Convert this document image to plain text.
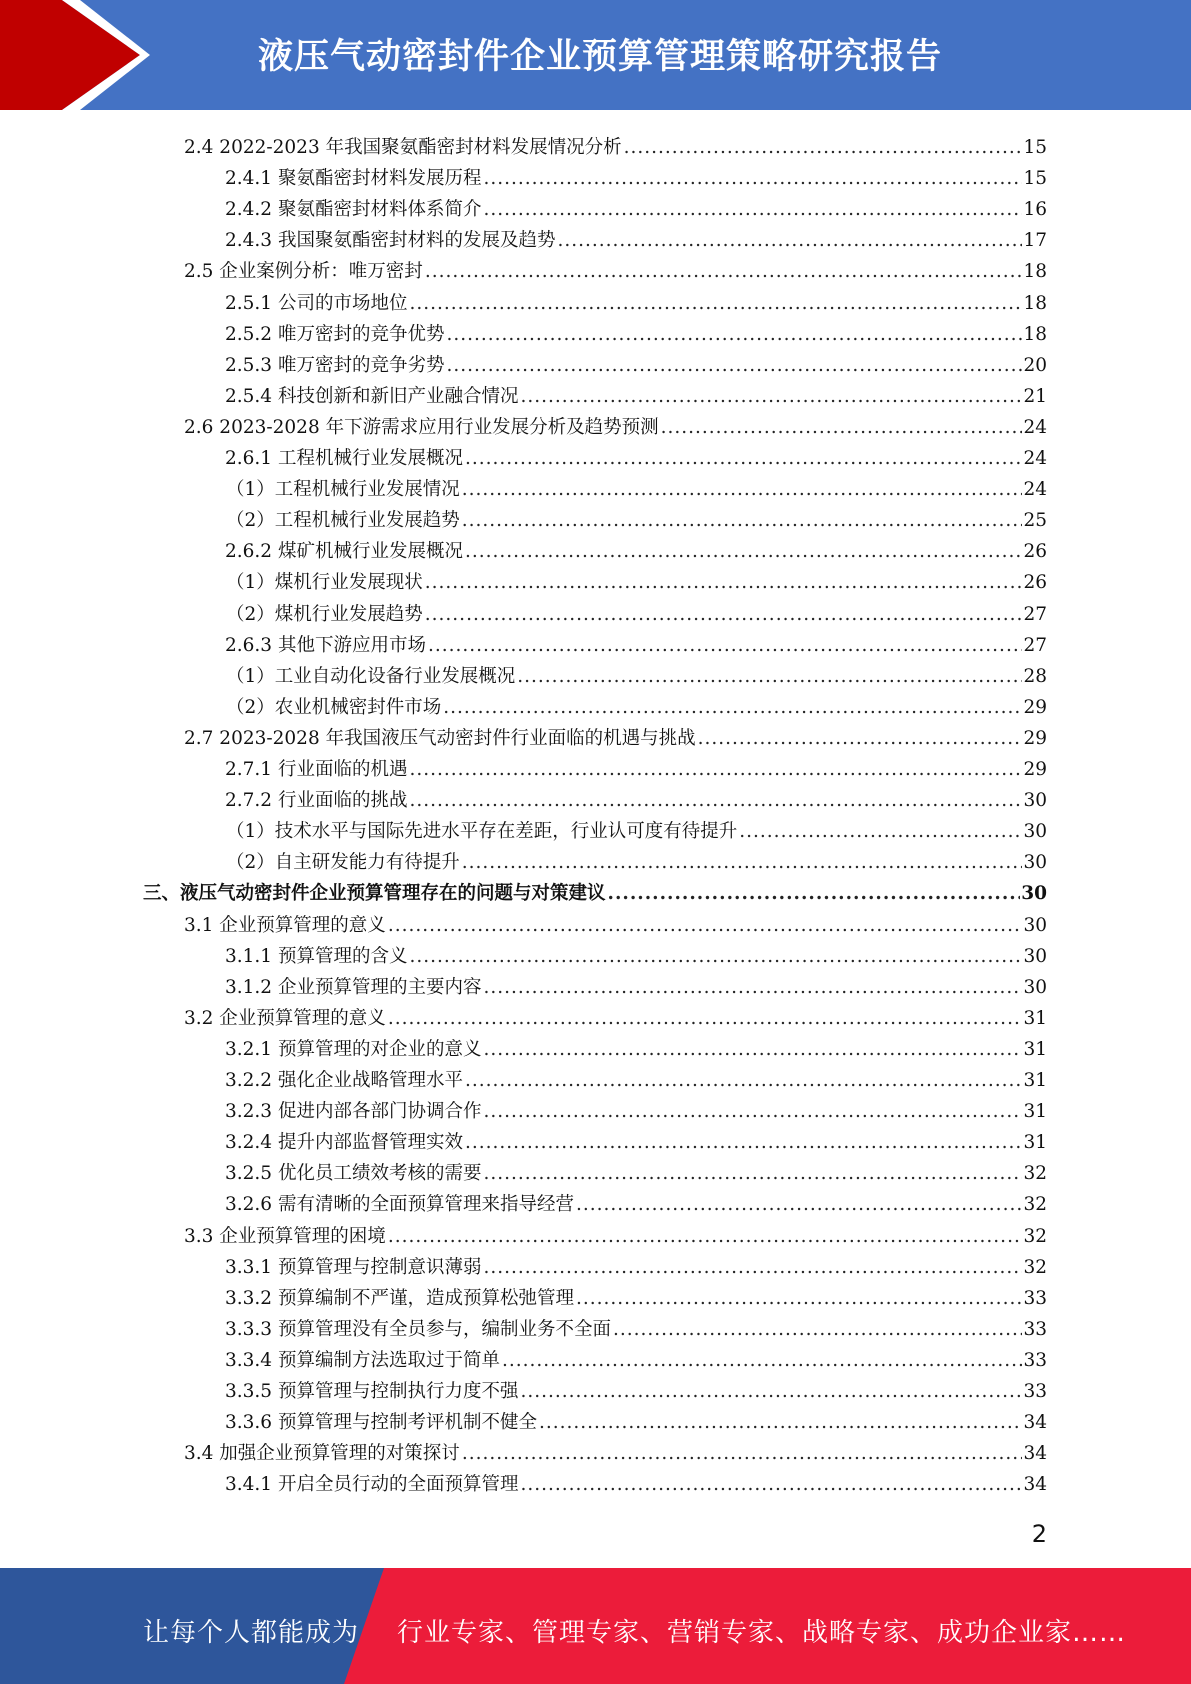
液压气动密封件企业预算管理策略研究报告
2.4 2022-2023 年我国聚氨酯密封材料发展情况分析 .....	15
2.4.1 聚氨酯密封材料发展历程 .....	15
2.4.2 聚氨酯密封材料体系简介 .....	16
2.4.3 我国聚氨酯密封材料的发展及趋势 .....	17
2.5 企业案例分析：唯万密封 .....	18
2.5.1 公司的市场地位 .....	18
2.5.2 唯万密封的竞争优势 .....	18
2.5.3 唯万密封的竞争劣势 .....	20
2.5.4 科技创新和新旧产业融合情况 .....	21
2.6 2023-2028 年下游需求应用行业发展分析及趋势预测 .....	24
2.6.1 工程机械行业发展概况 .....	24
（1）工程机械行业发展情况 .....	24
（2）工程机械行业发展趋势 .....	25
2.6.2 煤矿机械行业发展概况 .....	26
（1）煤机行业发展现状 .....	26
（2）煤机行业发展趋势 .....	27
2.6.3 其他下游应用市场 .....	27
（1）工业自动化设备行业发展概况 .....	28
（2）农业机械密封件市场 .....	29
2.7 2023-2028 年我国液压气动密封件行业面临的机遇与挑战 .....	29
2.7.1 行业面临的机遇 .....	29
2.7.2 行业面临的挑战 .....	30
（1）技术水平与国际先进水平存在差距，行业认可度有待提升 .....	30
（2）自主研发能力有待提升 .....	30
三、液压气动密封件企业预算管理存在的问题与对策建议 .....	30
3.1 企业预算管理的意义 .....	30
3.1.1 预算管理的含义 .....	30
3.1.2 企业预算管理的主要内容 .....	30
3.2 企业预算管理的意义 .....	31
3.2.1 预算管理的对企业的意义 .....	31
3.2.2 强化企业战略管理水平 .....	31
3.2.3 促进内部各部门协调合作 .....	31
3.2.4 提升内部监督管理实效 .....	31
3.2.5 优化员工绩效考核的需要 .....	32
3.2.6 需有清晰的全面预算管理来指导经营 .....	32
3.3 企业预算管理的困境 .....	32
3.3.1 预算管理与控制意识薄弱 .....	32
3.3.2 预算编制不严谨，造成预算松弛管理 .....	33
3.3.3 预算管理没有全员参与，编制业务不全面 .....	33
3.3.4 预算编制方法选取过于简单 .....	33
3.3.5 预算管理与控制执行力度不强 .....	33
3.3.6 预算管理与控制考评机制不健全 .....	34
3.4 加强企业预算管理的对策探讨 .....	34
3.4.1 开启全员行动的全面预算管理 .....	34
2
让每个人都能成为 行业专家、管理专家、营销专家、战略专家、成功企业家……
